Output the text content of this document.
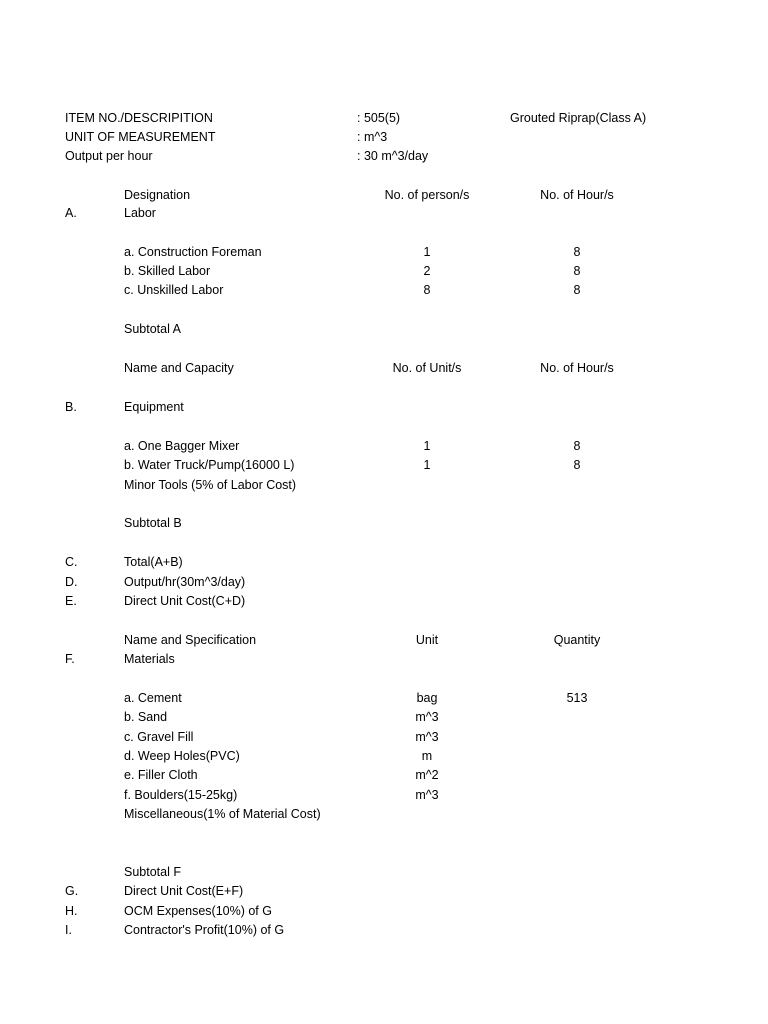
ITEM NO./DESCRIPITION	: 505(5)	Grouted Riprap(Class A)
UNIT OF MEASUREMENT	: m^3
Output per hour	: 30 m^3/day
Designation	No. of person/s	No. of Hour/s
A.	Labor
a. Construction Foreman	1	8
b. Skilled Labor	2	8
c. Unskilled Labor	8	8
Subtotal A
Name and Capacity	No. of Unit/s	No. of Hour/s
B.	Equipment
a. One Bagger Mixer	1	8
b. Water Truck/Pump(16000 L)	1	8
Minor Tools (5% of Labor Cost)
Subtotal B
C.	Total(A+B)
D.	Output/hr(30m^3/day)
E.	Direct Unit Cost(C+D)
Name and Specification	Unit	Quantity
F.	Materials
a. Cement	bag	513
b. Sand	m^3
c. Gravel Fill	m^3
d. Weep Holes(PVC)	m
e. Filler Cloth	m^2
f. Boulders(15-25kg)	m^3
Miscellaneous(1% of Material Cost)
Subtotal F
G.	Direct Unit Cost(E+F)
H.	OCM Expenses(10%) of G
I.	Contractor's Profit(10%) of G
